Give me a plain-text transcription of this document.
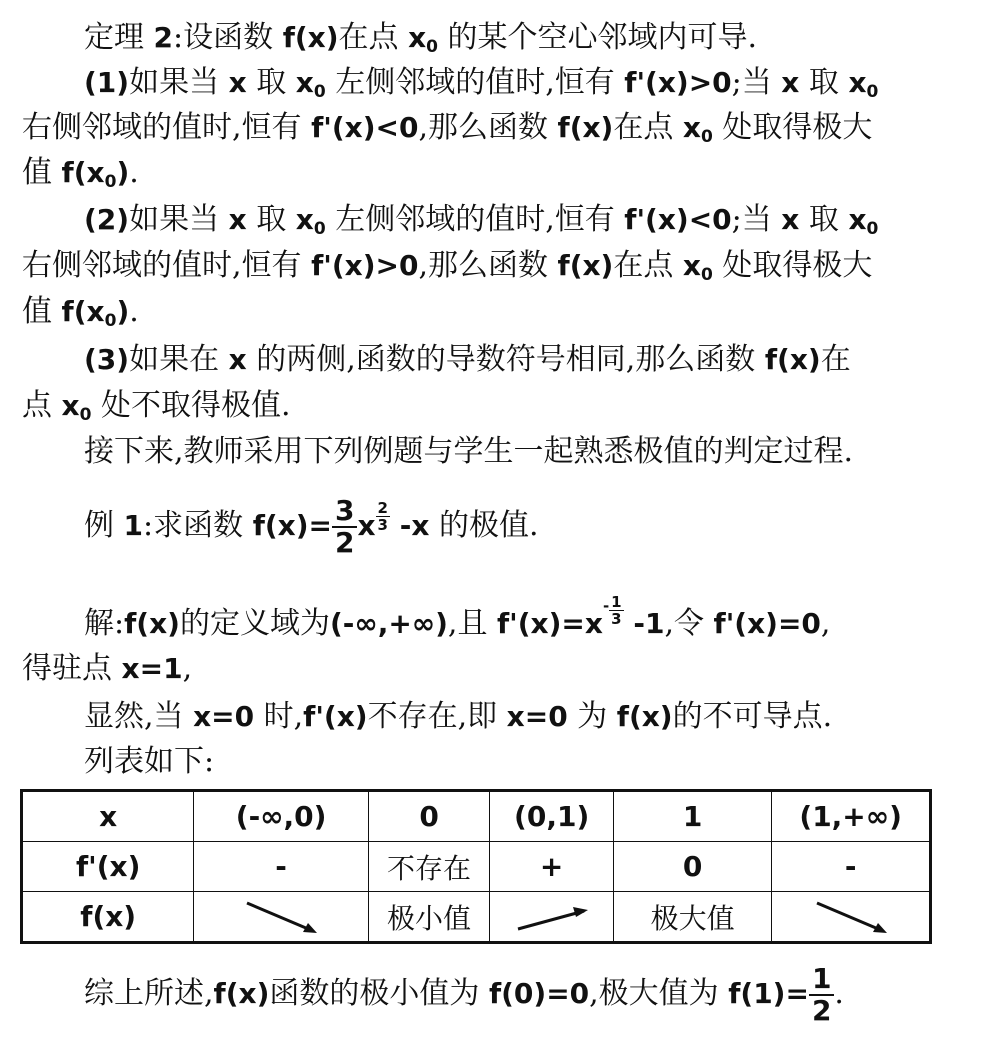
定理 2:设函数 f(x)在点 $x_0$ 的某个空心邻域内可导.
(1)如果当 x 取 $x_0$ 左侧邻域的值时,恒有 f'(x)>0;当 x 取 $x_0$
右侧邻域的值时,恒有 f'(x)<0,那么函数 f(x)在点 $x_0$ 处取得极大
值 $f(x_0)$.
(2)如果当 x 取 $x_0$ 左侧邻域的值时,恒有 f'(x)<0;当 x 取 $x_0$
右侧邻域的值时,恒有 f'(x)>0,那么函数 f(x)在点 $x_0$ 处取得极大
值 $f(x_0)$.
(3)如果在 x 的两侧,函数的导数符号相同,那么函数 f(x)在
点 $x_0$ 处不取得极值.
接下来,教师采用下列例题与学生一起熟悉极值的判定过程.
例 1:求函数 $f(x)= \frac{3}{2}$ x $\frac{2}{3} -x$ 的极值.
解:f(x)的定义域为(-∞,+∞),且 f'(x)=x
- 1
3 -1,令 f'(x)=0,
得驻点 x=1,
显然,当 x=0 时,f'(x)不存在,即 x=0 为 f(x)的不可导点.
列表如下:
x	(-∞,0)	0	(0,1)	1	(1,+∞)
f'(x)	-	不存在	+	0	-
f(x)		极小值		极大值	
综上所述,f(x)函数的极小值为 f(0)=0,极大值为 $f(1)= \frac{1}{2}$ .
